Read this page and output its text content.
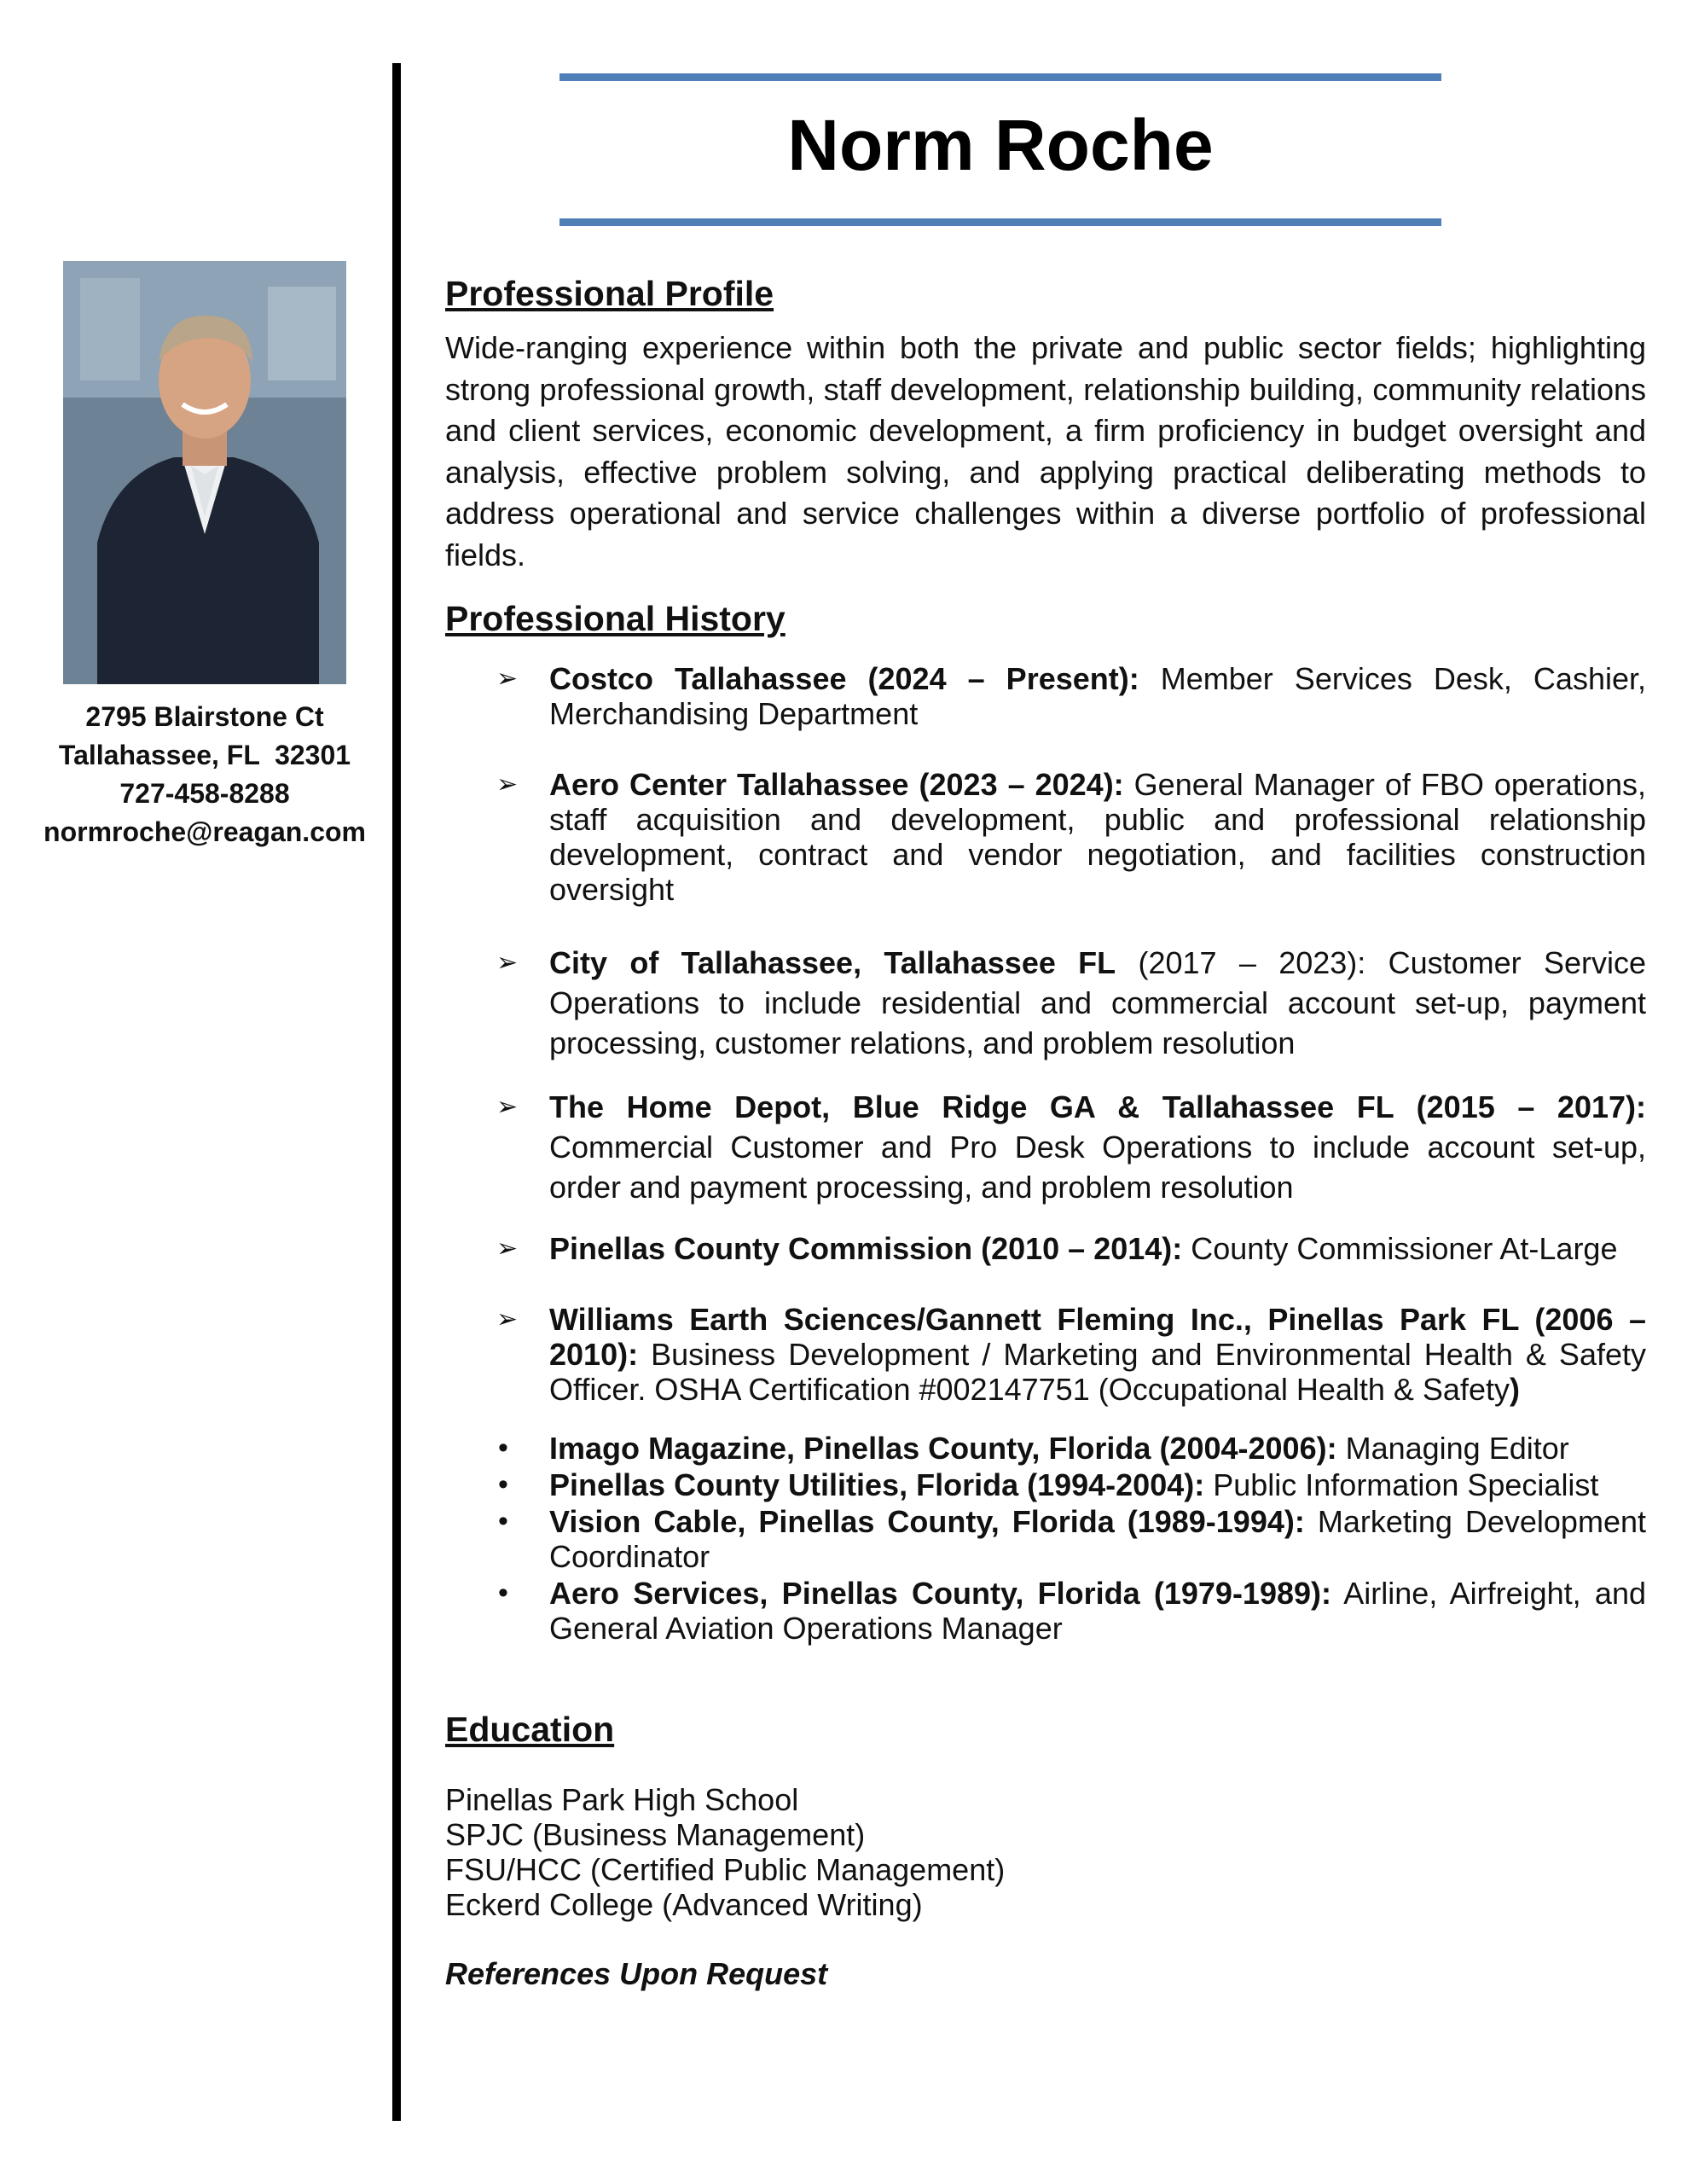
Norm Roche
2795 Blairstone Ct
Tallahassee, FL  32301
727-458-8288
normroche@reagan.com
Professional Profile

Wide-ranging experience within both the private and public sector fields; highlighting strong professional growth, staff development, relationship building, community relations and client services, economic development, a firm proficiency in budget oversight and analysis, effective problem solving, and applying practical deliberating methods to address operational and service challenges within a diverse portfolio of professional fields.

Professional History
➢ Costco Tallahassee (2024 – Present): Member Services Desk, Cashier, Merchandising Department
➢ Aero Center Tallahassee (2023 – 2024): General Manager of FBO operations, staff acquisition and development, public and professional relationship development, contract and vendor negotiation, and facilities construction oversight
➢ City of Tallahassee, Tallahassee FL (2017 – 2023): Customer Service Operations to include residential and commercial account set-up, payment processing, customer relations, and problem resolution
➢ The Home Depot, Blue Ridge GA & Tallahassee FL (2015 – 2017): Commercial Customer and Pro Desk Operations to include account set-up, order and payment processing, and problem resolution
➢ Pinellas County Commission (2010 – 2014): County Commissioner At-Large
➢ Williams Earth Sciences/Gannett Fleming Inc., Pinellas Park FL (2006 – 2010): Business Development / Marketing and Environmental Health & Safety Officer. OSHA Certification #002147751 (Occupational Health & Safety)
• Imago Magazine, Pinellas County, Florida (2004-2006): Managing Editor
• Pinellas County Utilities, Florida (1994-2004): Public Information Specialist
• Vision Cable, Pinellas County, Florida (1989-1994): Marketing Development Coordinator
• Aero Services, Pinellas County, Florida (1979-1989): Airline, Airfreight, and General Aviation Operations Manager
Education
Pinellas Park High School
SPJC (Business Management)
FSU/HCC (Certified Public Management)
Eckerd College (Advanced Writing)
References Upon Request
